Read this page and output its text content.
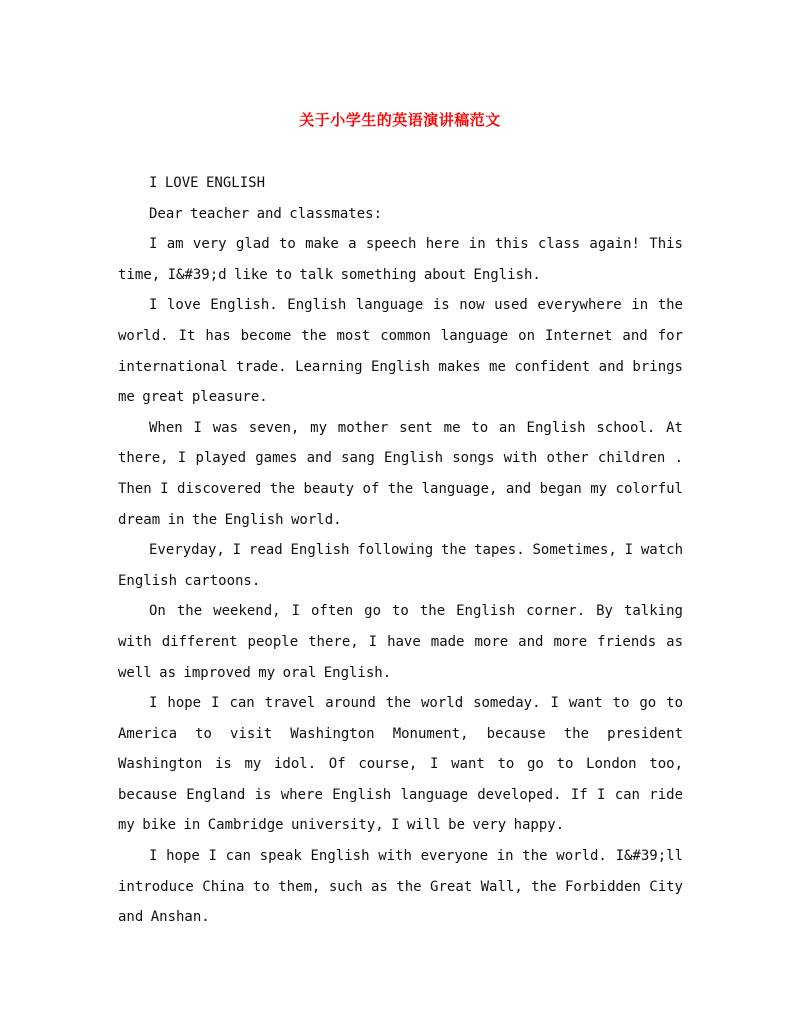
关于小学生的英语演讲稿范文

I LOVE ENGLISH

Dear teacher and classmates:

I am very glad to make a speech here in this class again! This time, I&#39;d like to talk something about English.

I love English. English language is now used everywhere in the world. It has become the most common language on Internet and for international trade. Learning English makes me confident and brings me great pleasure.

When I was seven, my mother sent me to an English school. At there, I played games and sang English songs with other children . Then I discovered the beauty of the language, and began my colorful dream in the English world.

Everyday, I read English following the tapes. Sometimes, I watch English cartoons.

On the weekend, I often go to the English corner. By talking with different people there, I have made more and more friends as well as improved my oral English.

I hope I can travel around the world someday. I want to go to America to visit Washington Monument, because the president Washington is my idol. Of course, I want to go to London too, because England is where English language developed. If I can ride my bike in Cambridge university, I will be very happy.

I hope I can speak English with everyone in the world. I&#39;ll introduce China to them, such as the Great Wall, the Forbidden City and Anshan.
